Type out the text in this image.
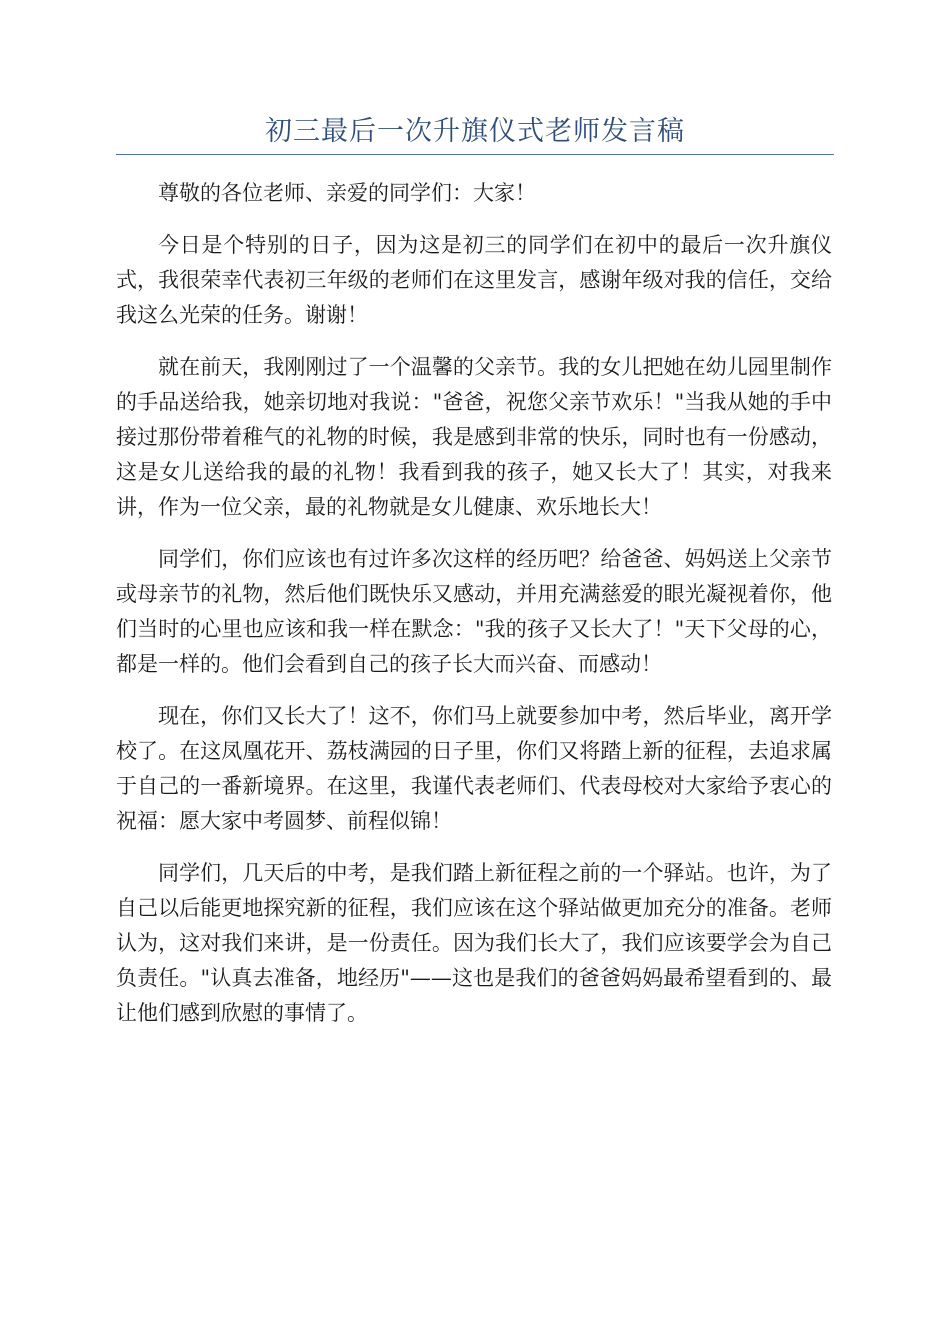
初三最后一次升旗仪式老师发言稿

尊敬的各位老师、亲爱的同学们：大家！

今日是个特别的日子，因为这是初三的同学们在初中的最后一次升旗仪式，我很荣幸代表初三年级的老师们在这里发言，感谢年级对我的信任，交给我这么光荣的任务。谢谢！

就在前天，我刚刚过了一个温馨的父亲节。我的女儿把她在幼儿园里制作的手品送给我，她亲切地对我说："爸爸，祝您父亲节欢乐！"当我从她的手中接过那份带着稚气的礼物的时候，我是感到非常的快乐，同时也有一份感动，这是女儿送给我的最的礼物！我看到我的孩子，她又长大了！其实，对我来讲，作为一位父亲，最的礼物就是女儿健康、欢乐地长大！

同学们，你们应该也有过许多次这样的经历吧？给爸爸、妈妈送上父亲节或母亲节的礼物，然后他们既快乐又感动，并用充满慈爱的眼光凝视着你，他们当时的心里也应该和我一样在默念："我的孩子又长大了！"天下父母的心，都是一样的。他们会看到自己的孩子长大而兴奋、而感动！

现在，你们又长大了！这不，你们马上就要参加中考，然后毕业，离开学校了。在这凤凰花开、荔枝满园的日子里，你们又将踏上新的征程，去追求属于自己的一番新境界。在这里，我谨代表老师们、代表母校对大家给予衷心的祝福：愿大家中考圆梦、前程似锦！

同学们，几天后的中考，是我们踏上新征程之前的一个驿站。也许，为了自己以后能更地探究新的征程，我们应该在这个驿站做更加充分的准备。老师认为，这对我们来讲，是一份责任。因为我们长大了，我们应该要学会为自己负责任。"认真去准备，地经历"——这也是我们的爸爸妈妈最希望看到的、最让他们感到欣慰的事情了。
